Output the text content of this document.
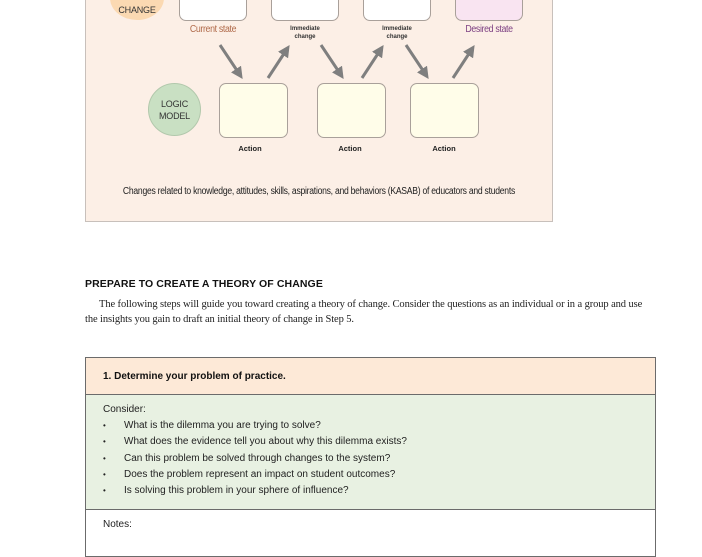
CHANGE
Current state	Immediate
change
Immediate
change
Desired state
LOGIC
MODEL
Action	Action	Action
Changes related to knowledge, attitudes, skills, aspirations, and behaviors (KASAB) of educators and students
PREPARE TO CREATE A THEORY OF CHANGE
The following steps will guide you toward creating a theory of change. Consider the questions as an individual or in a group and use the insights you gain to draft an initial theory of change in Step 5.
1. Determine your problem of practice.
Consider:
• What is the dilemma you are trying to solve?
• What does the evidence tell you about why this dilemma exists?
• Can this problem be solved through changes to the system?
• Does the problem represent an impact on student outcomes?
• Is solving this problem in your sphere of influence?
Notes:
